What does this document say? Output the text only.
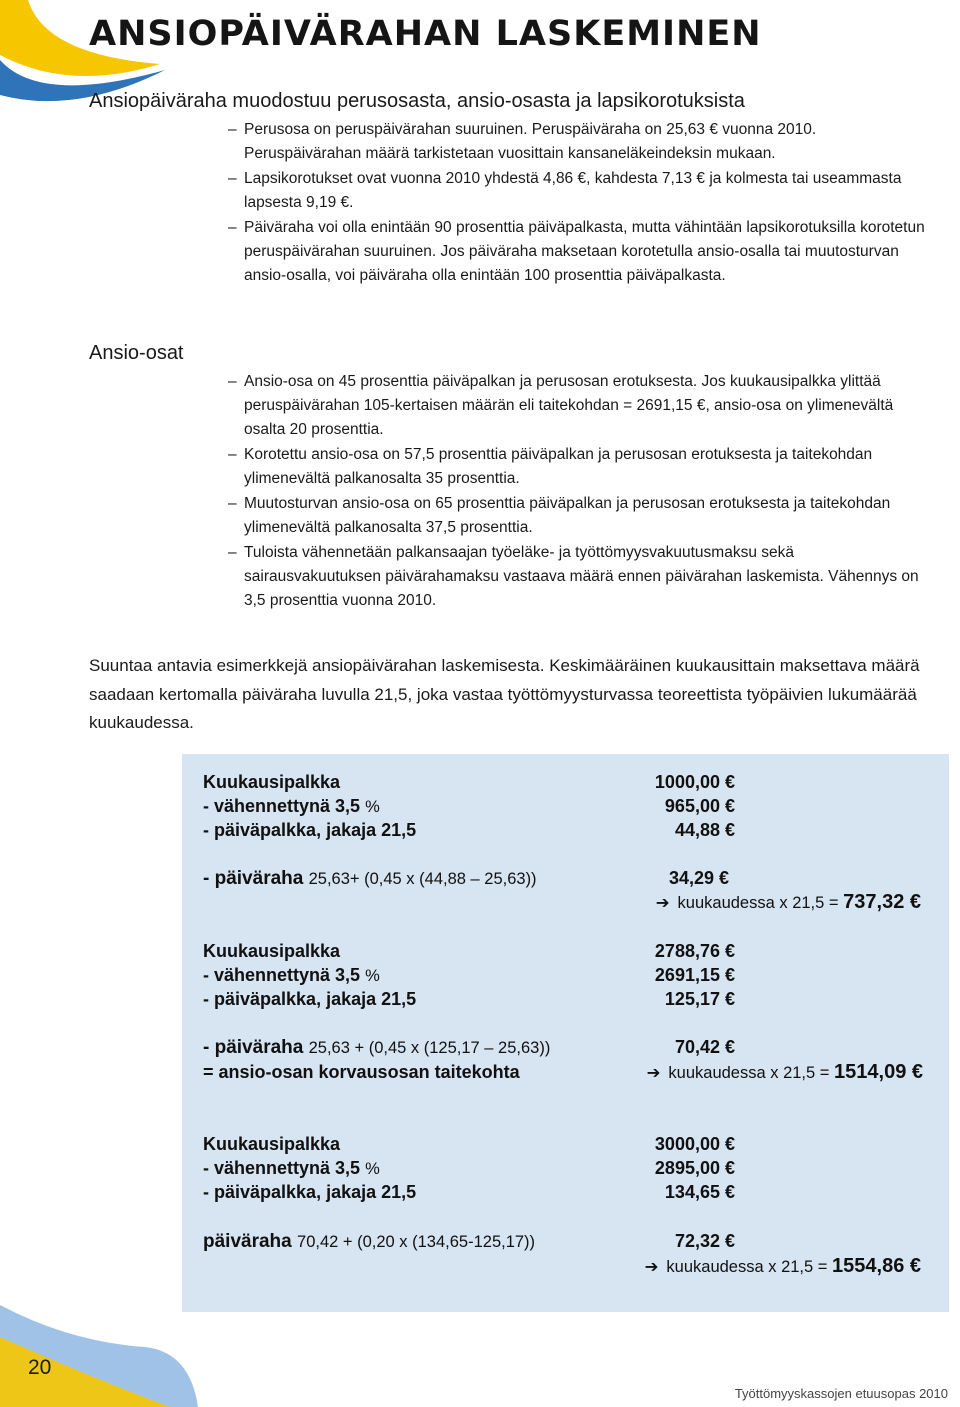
ANSIOPÄIVÄRAHAN LASKEMINEN
Ansiopäiväraha muodostuu perusosasta, ansio-osasta ja lapsikorotuksista
– Perusosa on peruspäivärahan suuruinen. Peruspäiväraha on 25,63 € vuonna 2010. Peruspäivärahan määrä tarkistetaan vuosittain kansaneläkeindeksin mukaan.
– Lapsikorotukset ovat vuonna 2010 yhdestä 4,86 €, kahdesta 7,13 € ja kolmesta tai useammasta lapsesta 9,19 €.
– Päiväraha voi olla enintään 90 prosenttia päiväpalkasta, mutta vähintään lapsikorotuksilla korotetun peruspäivärahan suuruinen. Jos päiväraha maksetaan korotetulla ansio-osalla tai muutosturvan ansio-osalla, voi päiväraha olla enintään 100 prosenttia päiväpalkasta.
Ansio-osat
– Ansio-osa on 45 prosenttia päiväpalkan ja perusosan erotuksesta. Jos kuukausipalkka ylittää peruspäivärahan 105-kertaisen määrän eli taitekohdan = 2691,15 €, ansio-osa on ylimenevältä osalta 20 prosenttia.
– Korotettu ansio-osa on 57,5 prosenttia päiväpalkan ja perusosan erotuksesta ja taitekohdan ylimenevältä palkanosalta 35 prosenttia.
– Muutosturvan ansio-osa on 65 prosenttia päiväpalkan ja perusosan erotuksesta ja taitekohdan ylimenevältä palkanosalta 37,5 prosenttia.
– Tuloista vähennetään palkansaajan työeläke- ja työttömyysvakuutusmaksu sekä sairausvakuutuksen päivärahamaksu vastaava määrä ennen päivärahan laskemista. Vähennys on 3,5 prosenttia vuonna 2010.

Suuntaa antavia esimerkkejä ansiopäivärahan laskemisesta. Keskimääräinen kuukausittain maksettava määrä saadaan kertomalla päiväraha luvulla 21,5, joka vastaa työttömyysturvassa teoreettista työpäivien lukumäärää kuukaudessa.

Kuukausipalkka	1000,00 €
- vähennettynä 3,5 %	965,00 €
- päiväpalkka, jakaja 21,5	44,88 €
- päiväraha 25,63+ (0,45 x (44,88 – 25,63))	34,29 €
➔ kuukaudessa x 21,5 = 737,32 €
Kuukausipalkka	2788,76 €
- vähennettynä 3,5 %	2691,15 €
- päiväpalkka, jakaja 21,5	125,17 €
- päiväraha 25,63 + (0,45 x (125,17 – 25,63))	70,42 €
= ansio-osan korvausosan taitekohta	➔ kuukaudessa x 21,5 = 1514,09 €
Kuukausipalkka	3000,00 €
- vähennettynä 3,5 %	2895,00 €
- päiväpalkka, jakaja 21,5	134,65 €
päiväraha 70,42 + (0,20 x (134,65-125,17))	72,32 €
➔ kuukaudessa x 21,5 = 1554,86 €
20
Työttömyyskassojen etuusopas 2010
